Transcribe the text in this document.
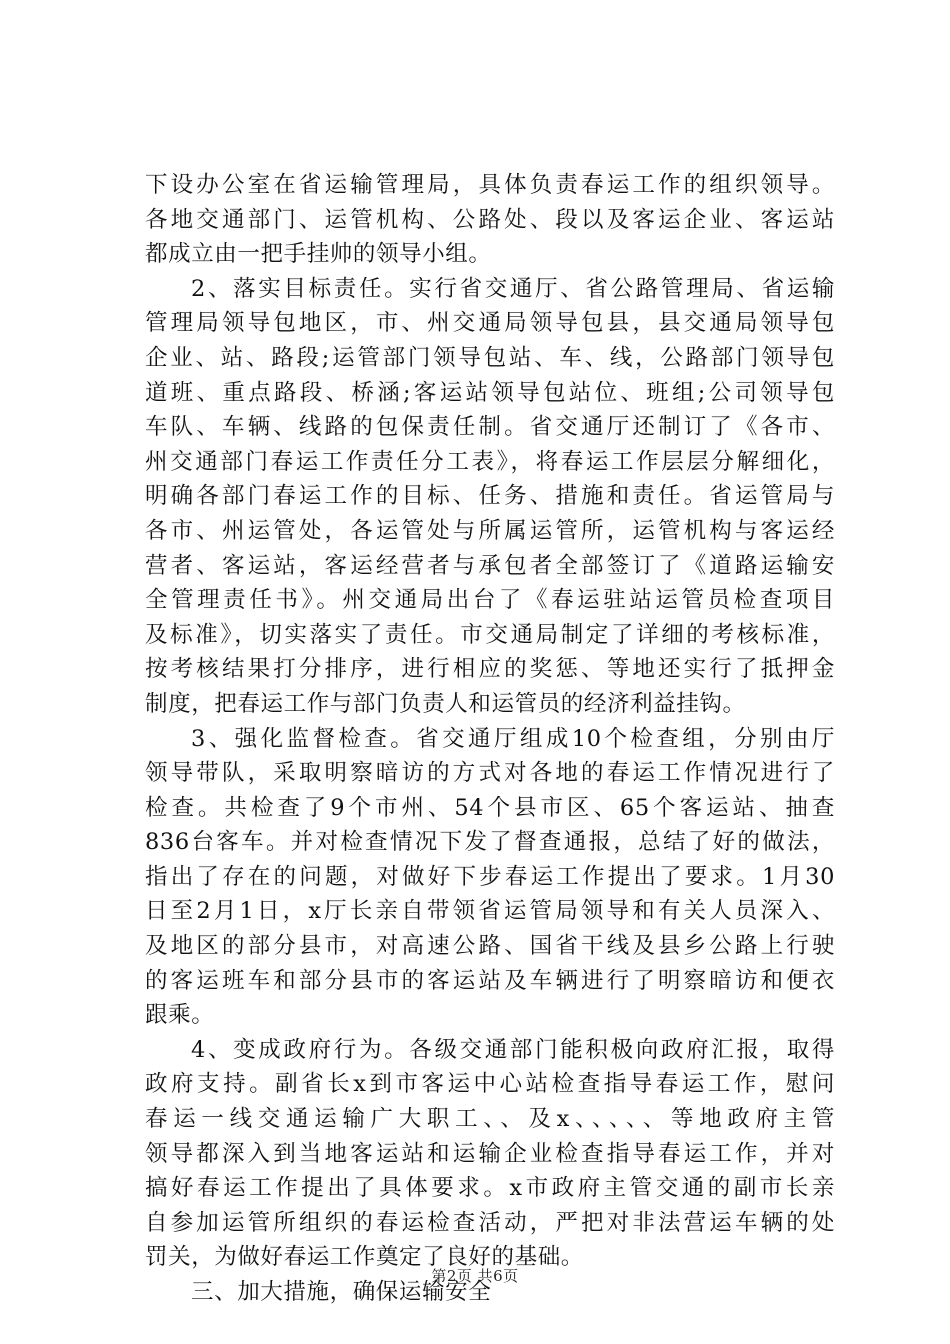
下设办公室在省运输管理局，具体负责春运工作的组织领导。
各地交通部门、运管机构、公路处、段以及客运企业、客运站
都成立由一把手挂帅的领导小组。
2、落实目标责任。实行省交通厅、省公路管理局、省运输
管理局领导包地区，市、州交通局领导包县，县交通局领导包
企业、站、路段;运管部门领导包站、车、线，公路部门领导包
道班、重点路段、桥涵;客运站领导包站位、班组;公司领导包
车队、车辆、线路的包保责任制。省交通厅还制订了《各市、
州交通部门春运工作责任分工表》，将春运工作层层分解细化，
明确各部门春运工作的目标、任务、措施和责任。省运管局与
各市、州运管处，各运管处与所属运管所，运管机构与客运经
营者、客运站，客运经营者与承包者全部签订了《道路运输安
全管理责任书》。州交通局出台了《春运驻站运管员检查项目
及标准》，切实落实了责任。市交通局制定了详细的考核标准，
按考核结果打分排序，进行相应的奖惩、等地还实行了抵押金
制度，把春运工作与部门负责人和运管员的经济利益挂钩。
3、强化监督检查。省交通厅组成10个检查组，分别由厅
领导带队，采取明察暗访的方式对各地的春运工作情况进行了
检查。共检查了9个市州、54个县市区、65个客运站、抽查
836台客车。并对检查情况下发了督查通报，总结了好的做法，
指出了存在的问题，对做好下步春运工作提出了要求。1月30
日至2月1日，x厅长亲自带领省运管局领导和有关人员深入、
及地区的部分县市，对高速公路、国省干线及县乡公路上行驶
的客运班车和部分县市的客运站及车辆进行了明察暗访和便衣
跟乘。
4、变成政府行为。各级交通部门能积极向政府汇报，取得
政府支持。副省长x到市客运中心站检查指导春运工作，慰问
春运一线交通运输广大职工、、及x、、、、、等地政府主管
领导都深入到当地客运站和运输企业检查指导春运工作，并对
搞好春运工作提出了具体要求。x市政府主管交通的副市长亲
自参加运管所组织的春运检查活动，严把对非法营运车辆的处
罚关，为做好春运工作奠定了良好的基础。
三、加大措施，确保运输安全
第2页 共6页
